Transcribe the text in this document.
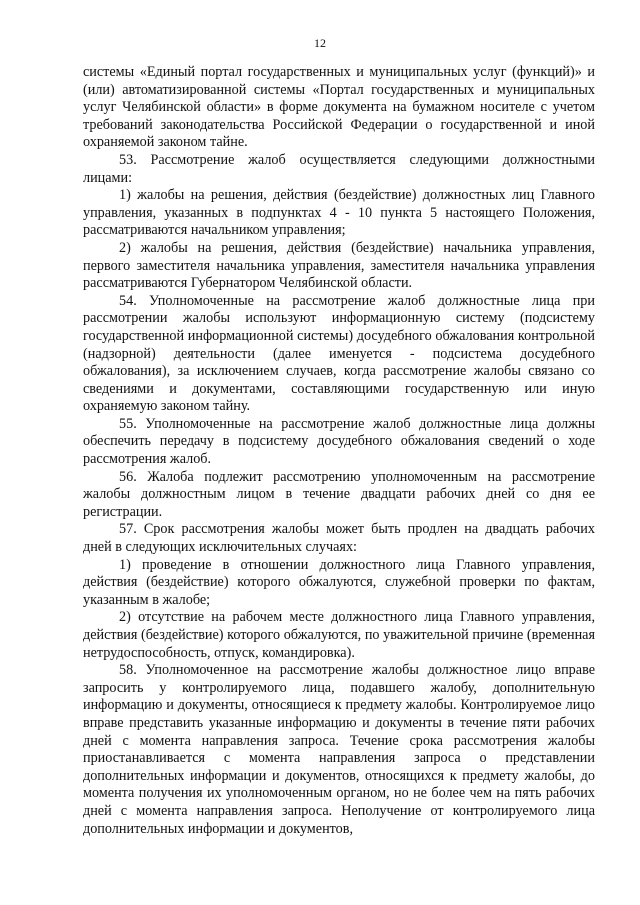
12

системы «Единый портал государственных и муниципальных услуг (функций)» и (или) автоматизированной системы «Портал государственных и муниципальных услуг Челябинской области» в форме документа на бумажном носителе с учетом требований законодательства Российской Федерации о государственной и иной охраняемой законом тайне.

53. Рассмотрение жалоб осуществляется следующими должностными лицами:

1) жалобы на решения, действия (бездействие) должностных лиц Главного управления, указанных в подпунктах 4 - 10 пункта 5 настоящего Положения, рассматриваются начальником управления;

2) жалобы на решения, действия (бездействие) начальника управления, первого заместителя начальника управления, заместителя начальника управления рассматриваются Губернатором Челябинской области.

54. Уполномоченные на рассмотрение жалоб должностные лица при рассмотрении жалобы используют информационную систему (подсистему государственной информационной системы) досудебного обжалования контрольной (надзорной) деятельности (далее именуется - подсистема досудебного обжалования), за исключением случаев, когда рассмотрение жалобы связано со сведениями и документами, составляющими государственную или иную охраняемую законом тайну.

55. Уполномоченные на рассмотрение жалоб должностные лица должны обеспечить передачу в подсистему досудебного обжалования сведений о ходе рассмотрения жалоб.

56. Жалоба подлежит рассмотрению уполномоченным на рассмотрение жалобы должностным лицом в течение двадцати рабочих дней со дня ее регистрации.

57. Срок рассмотрения жалобы может быть продлен на двадцать рабочих дней в следующих исключительных случаях:

1) проведение в отношении должностного лица Главного управления, действия (бездействие) которого обжалуются, служебной проверки по фактам, указанным в жалобе;

2) отсутствие на рабочем месте должностного лица Главного управления, действия (бездействие) которого обжалуются, по уважительной причине (временная нетрудоспособность, отпуск, командировка).

58. Уполномоченное на рассмотрение жалобы должностное лицо вправе запросить у контролируемого лица, подавшего жалобу, дополнительную информацию и документы, относящиеся к предмету жалобы. Контролируемое лицо вправе представить указанные информацию и документы в течение пяти рабочих дней с момента направления запроса. Течение срока рассмотрения жалобы приостанавливается с момента направления запроса о представлении дополнительных информации и документов, относящихся к предмету жалобы, до момента получения их уполномоченным органом, но не более чем на пять рабочих дней с момента направления запроса. Неполучение от контролируемого лица дополнительных информации и документов,
